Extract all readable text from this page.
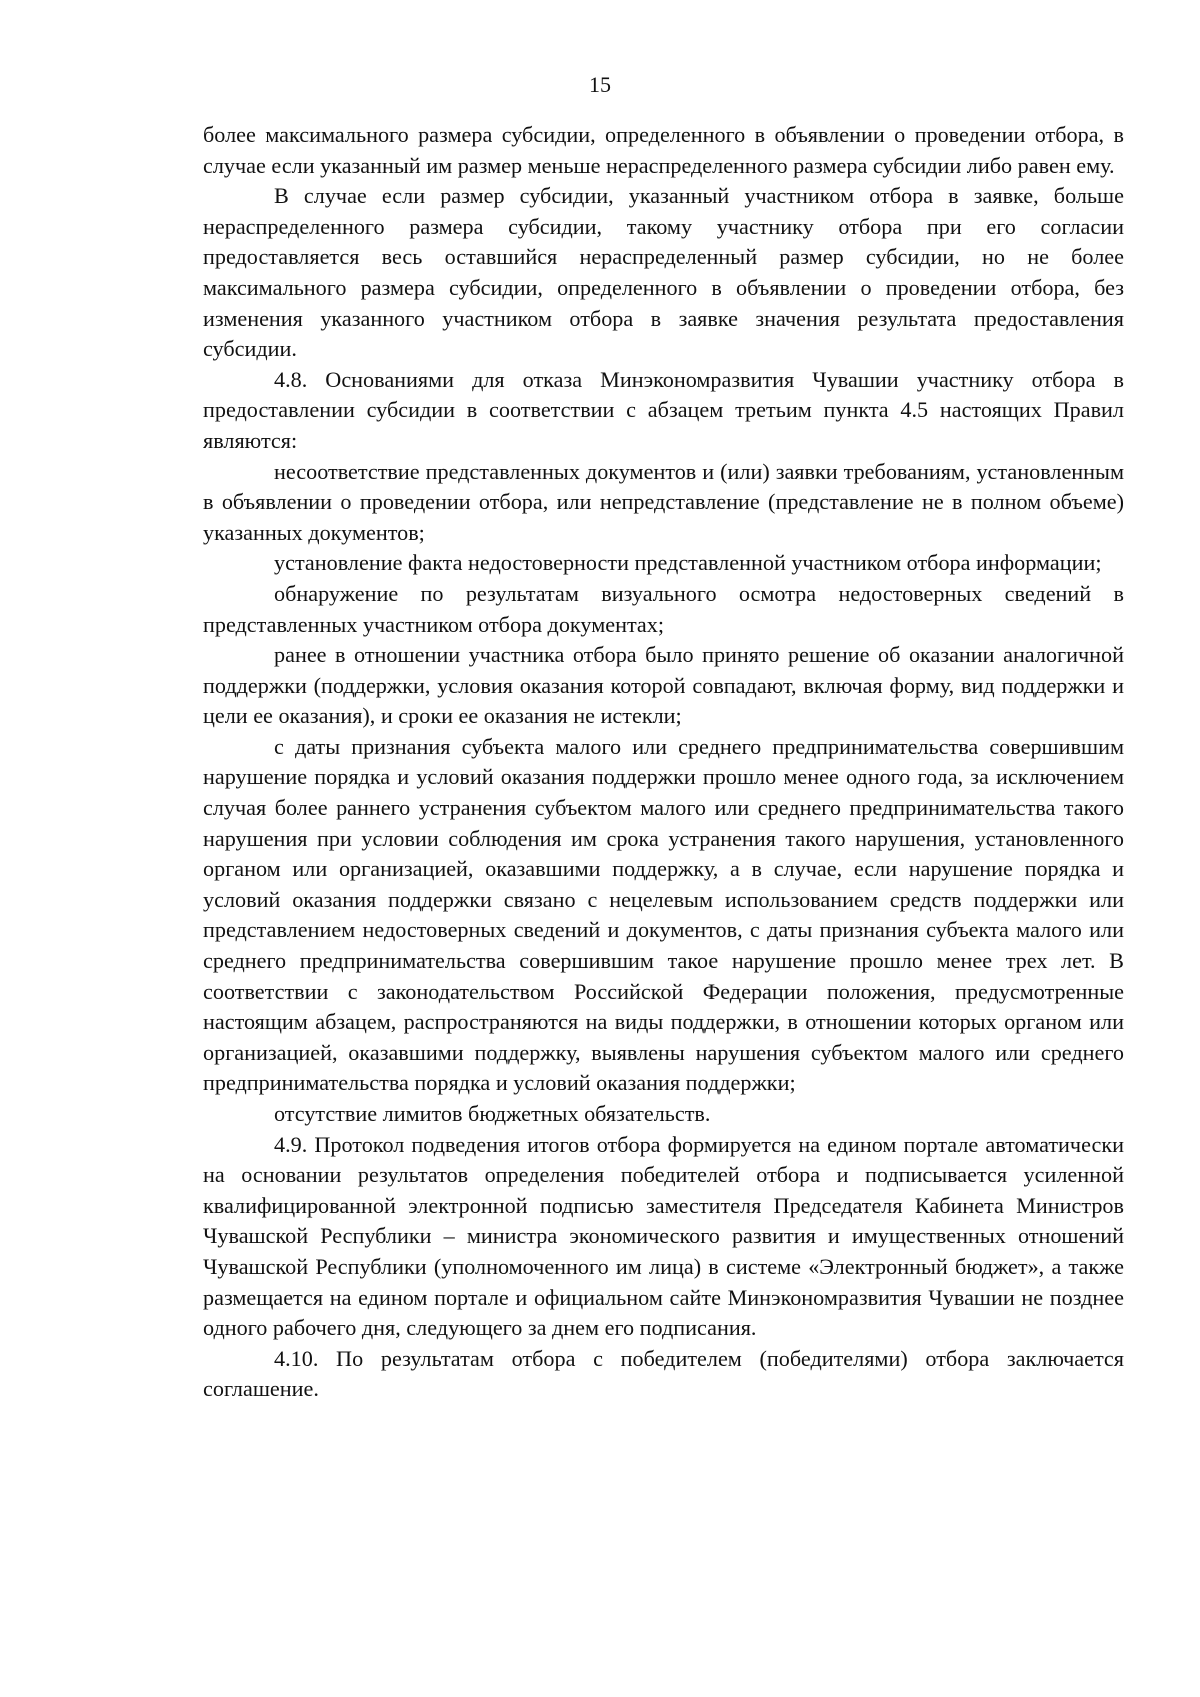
15

более максимального размера субсидии, определенного в объявлении о проведении отбора, в случае если указанный им размер меньше нераспределенного размера субсидии либо равен ему.

В случае если размер субсидии, указанный участником отбора в заявке, больше нераспределенного размера субсидии, такому участнику отбора при его согласии предоставляется весь оставшийся нераспределенный размер субсидии, но не более максимального размера субсидии, определенного в объявлении о проведении отбора, без изменения указанного участником отбора в заявке значения результата предоставления субсидии.

4.8. Основаниями для отказа Минэкономразвития Чувашии участнику отбора в предоставлении субсидии в соответствии с абзацем третьим пункта 4.5 настоящих Правил являются:

несоответствие представленных документов и (или) заявки требованиям, установленным в объявлении о проведении отбора, или непредставление (представление не в полном объеме) указанных документов;

установление факта недостоверности представленной участником отбора информации;

обнаружение по результатам визуального осмотра недостоверных сведений в представленных участником отбора документах;

ранее в отношении участника отбора было принято решение об оказании аналогичной поддержки (поддержки, условия оказания которой совпадают, включая форму, вид поддержки и цели ее оказания), и сроки ее оказания не истекли;

с даты признания субъекта малого или среднего предпринимательства совершившим нарушение порядка и условий оказания поддержки прошло менее одного года, за исключением случая более раннего устранения субъектом малого или среднего предпринимательства такого нарушения при условии соблюдения им срока устранения такого нарушения, установленного органом или организацией, оказавшими поддержку, а в случае, если нарушение порядка и условий оказания поддержки связано с нецелевым использованием средств поддержки или представлением недостоверных сведений и документов, с даты признания субъекта малого или среднего предпринимательства совершившим такое нарушение прошло менее трех лет. В соответствии с законодательством Российской Федерации положения, предусмотренные настоящим абзацем, распространяются на виды поддержки, в отношении которых органом или организацией, оказавшими поддержку, выявлены нарушения субъектом малого или среднего предпринимательства порядка и условий оказания поддержки;

отсутствие лимитов бюджетных обязательств.

4.9. Протокол подведения итогов отбора формируется на едином портале автоматически на основании результатов определения победителей отбора и подписывается усиленной квалифицированной электронной подписью заместителя Председателя Кабинета Министров Чувашской Республики – министра экономического развития и имущественных отношений Чувашской Республики (уполномоченного им лица) в системе «Электронный бюджет», а также размещается на едином портале и официальном сайте Минэкономразвития Чувашии не позднее одного рабочего дня, следующего за днем его подписания.

4.10. По результатам отбора с победителем (победителями) отбора заключается соглашение.
